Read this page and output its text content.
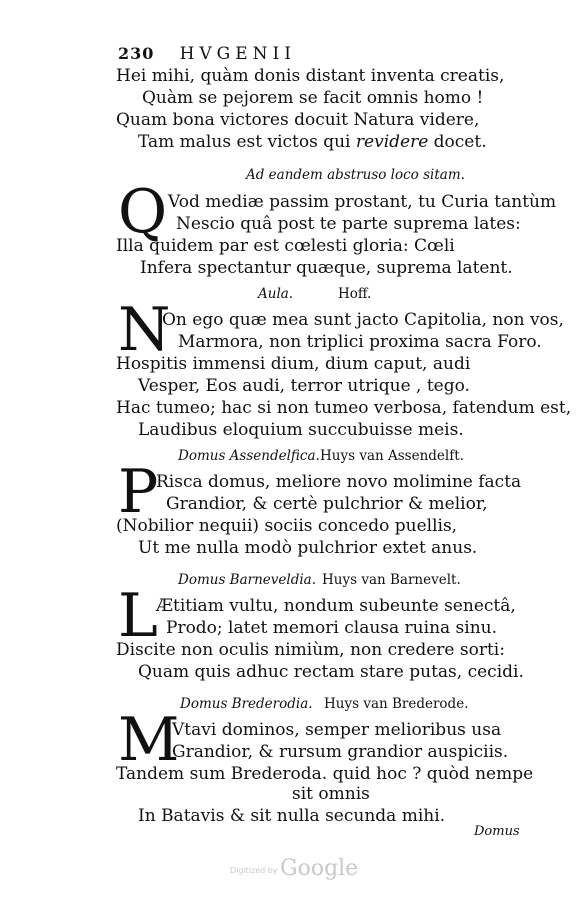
230 HVGENII
Hei mihi, quàm donis distant inventa creatis,
Quàm se pejorem se facit omnis homo !
Quam bona victores docuit Natura videre,
Tam malus est victos qui revidere docet.
Ad eandem abstruso loco sitam.
Q Vod mediæ passim prostant, tu Curia tantùm
Nescio quâ post te parte suprema lates:
Illa quidem par est cœlesti gloria: Cœli
Infera spectantur quæque, suprema latent.
Aula.	Hoff.
N
On ego quæ mea sunt jacto Capitolia, non vos,
Marmora, non triplici proxima sacra Foro.
Hospitis immensi dium, dium caput, audi
Vesper, Eos audi, terror utrique , tego.
Hac tumeo; hac si non tumeo verbosa, fatendum est,
Laudibus eloquium succubuisse meis.
Domus Assendelfica. Huys van Assendelft.
P
Risca domus, meliore novo molimine facta
Grandior, & certè pulchrior & melior,
(Nobilior nequii) sociis concedo puellis,
Ut me nulla modò pulchrior extet anus.
Domus Barneveldia. Huys van Barnevelt.
L
Ætitiam vultu, nondum subeunte senectâ,
Prodo; latet memori clausa ruina sinu.
Discite non oculis nimiùm, non credere sorti:
Quam quis adhuc rectam stare putas, cecidi.
Domus Brederodia. Huys van Brederode.
M
Vtavi dominos, semper melioribus usa
Grandior, & rursum grandior auspiciis.
Tandem sum Brederoda. quid hoc ? quòd nempe
sit omnis
In Batavis & sit nulla secunda mihi.
Domus
Digitized by Google
